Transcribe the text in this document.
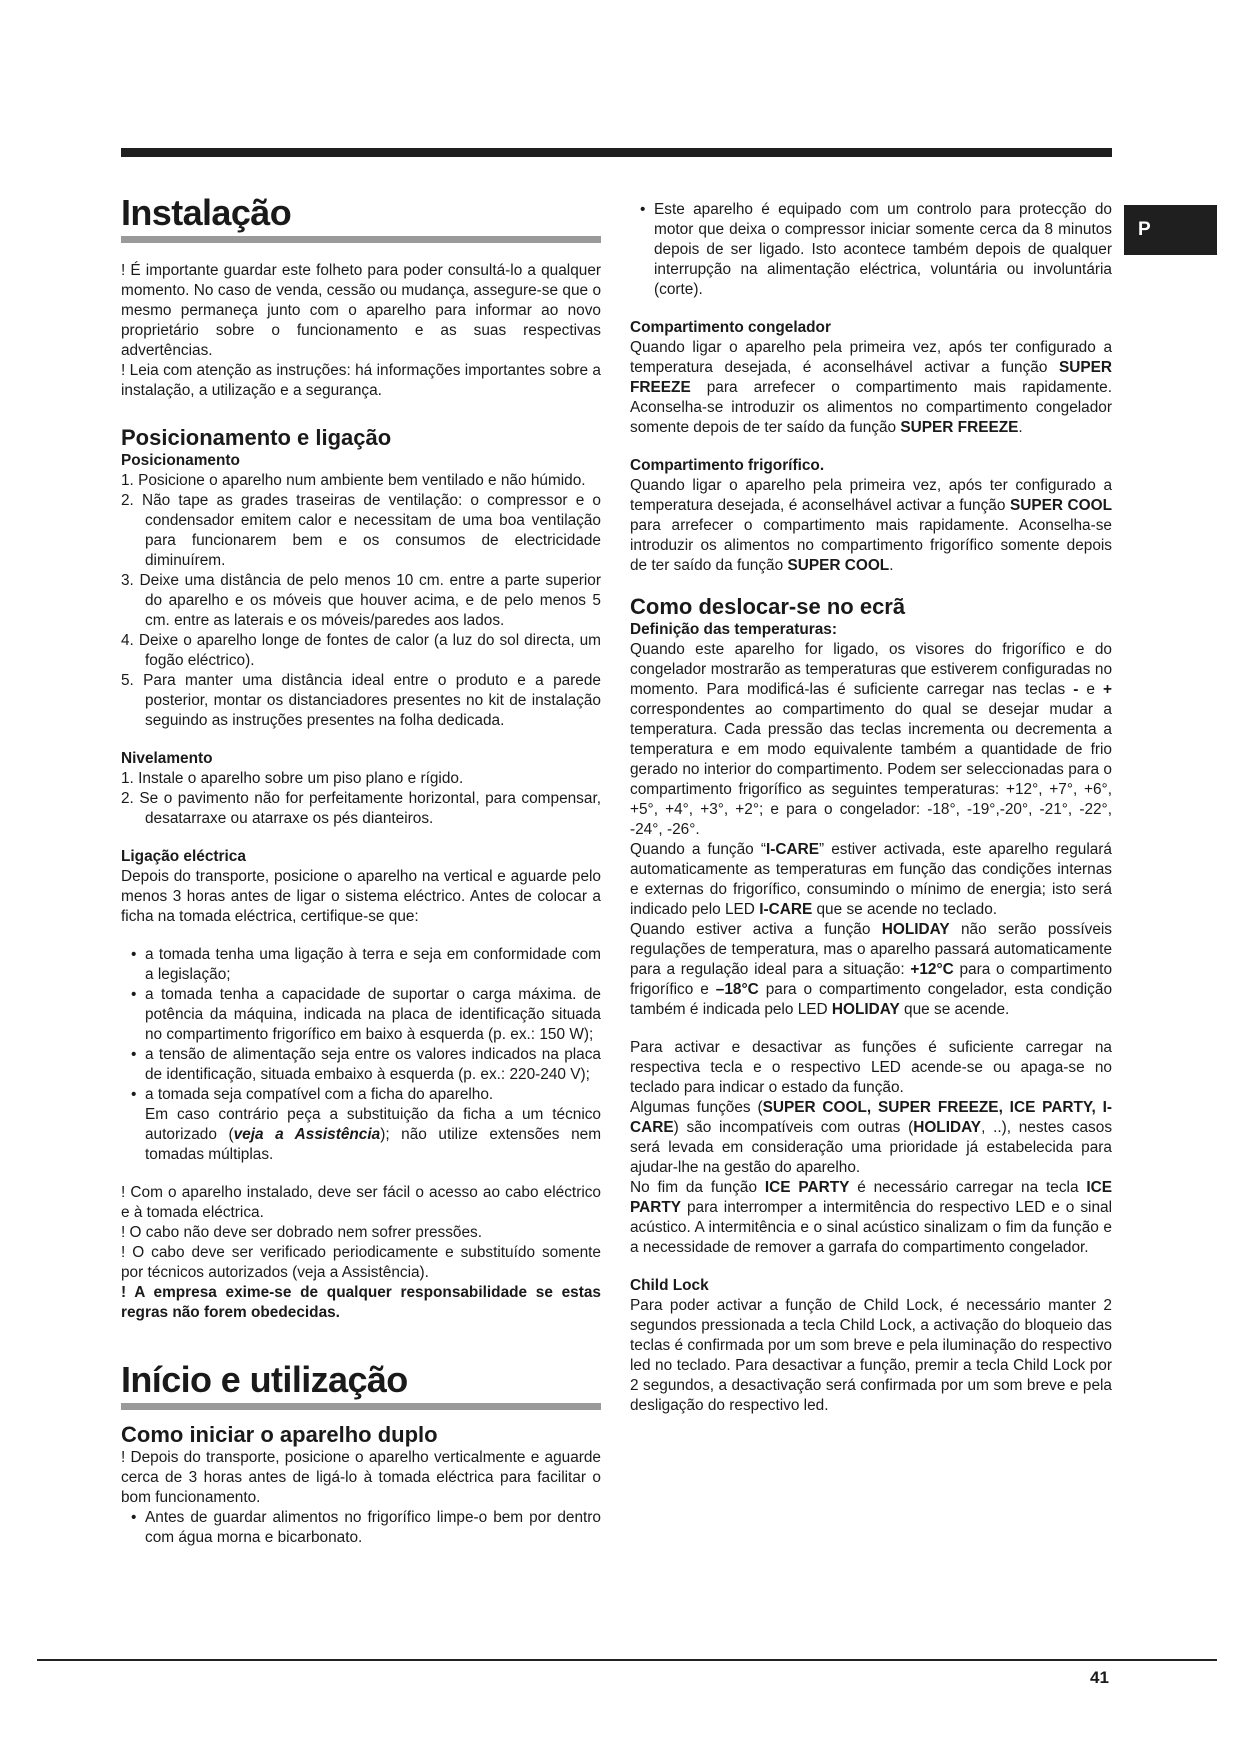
P
Instalação

! É importante guardar este folheto para poder consultá-lo a qualquer momento. No caso de venda, cessão ou mudança, assegure-se que o mesmo permaneça junto com o aparelho para informar ao novo proprietário sobre o funcionamento e as suas respectivas advertências.

! Leia com atenção as instruções: há informações importantes sobre a instalação, a utilização e a segurança.

Posicionamento e ligação
Posicionamento
1. Posicione o aparelho num ambiente bem ventilado e não húmido.
2. Não tape as grades traseiras de ventilação: o compressor e o condensador emitem calor e necessitam de uma boa ventilação para funcionarem bem e os consumos de electricidade diminuírem.
3. Deixe uma distância de pelo menos 10 cm. entre a parte superior do aparelho e os móveis que houver acima, e de pelo menos 5 cm. entre as laterais e os móveis/paredes aos lados.
4. Deixe o aparelho longe de fontes de calor (a luz do sol directa, um fogão eléctrico).
5. Para manter uma distância ideal entre o produto e a parede posterior, montar os distanciadores presentes no kit de instalação seguindo as instruções presentes na folha dedicada.
Nivelamento
1. Instale o aparelho sobre um piso plano e rígido.
2. Se o pavimento não for perfeitamente horizontal, para compensar, desatarraxe ou atarraxe os pés dianteiros.
Ligação eléctrica

Depois do transporte, posicione o aparelho na vertical e aguarde pelo menos 3 horas antes de ligar o sistema eléctrico. Antes de colocar a ficha na tomada eléctrica, certifique-se que:

• a tomada tenha uma ligação à terra e seja em conformidade com a legislação;
• a tomada tenha a capacidade de suportar o carga máxima. de potência da máquina, indicada na placa de identificação situada no compartimento frigorífico em baixo à esquerda (p. ex.: 150 W);
• a tensão de alimentação seja entre os valores indicados na placa de identificação, situada embaixo à esquerda (p. ex.: 220-240 V);
• a tomada seja compatível com a ficha do aparelho.
Em caso contrário peça a substituição da ficha a um técnico autorizado (veja a Assistência); não utilize extensões nem tomadas múltiplas.

! Com o aparelho instalado, deve ser fácil o acesso ao cabo eléctrico e à tomada eléctrica.

! O cabo não deve ser dobrado nem sofrer pressões.

! O cabo deve ser verificado periodicamente e substituído somente por técnicos autorizados (veja a Assistência).

! A empresa exime-se de qualquer responsabilidade se estas regras não forem obedecidas.

Início e utilização
Como iniciar o aparelho duplo

! Depois do transporte, posicione o aparelho verticalmente e aguarde cerca de 3 horas antes de ligá-lo à tomada eléctrica para facilitar o bom funcionamento.

• Antes de guardar alimentos no frigorífico limpe-o bem por dentro com água morna e bicarbonato.
• Este aparelho é equipado com um controlo para protecção do motor que deixa o compressor iniciar somente cerca da 8 minutos depois de ser ligado. Isto acontece também depois de qualquer interrupção na alimentação eléctrica, voluntária ou involuntária (corte).
Compartimento congelador

Quando ligar o aparelho pela primeira vez, após ter configurado a temperatura desejada, é aconselhável activar a função SUPER FREEZE para arrefecer o compartimento mais rapidamente. Aconselha-se introduzir os alimentos no compartimento congelador somente depois de ter saído da função SUPER FREEZE.

Compartimento frigorífico.

Quando ligar o aparelho pela primeira vez, após ter configurado a temperatura desejada, é aconselhável activar a função SUPER COOL para arrefecer o compartimento mais rapidamente. Aconselha-se introduzir os alimentos no compartimento frigorífico somente depois de ter saído da função SUPER COOL.

Como deslocar-se no ecrã
Definição das temperaturas:

Quando este aparelho for ligado, os visores do frigorífico e do congelador mostrarão as temperaturas que estiverem configuradas no momento. Para modificá-las é suficiente carregar nas teclas - e + correspondentes ao compartimento do qual se desejar mudar a temperatura. Cada pressão das teclas incrementa ou decrementa a temperatura e em modo equivalente também a quantidade de frio gerado no interior do compartimento. Podem ser seleccionadas para o compartimento frigorífico as seguintes temperaturas: +12°, +7°, +6°, +5°, +4°, +3°, +2°; e para o congelador: -18°, -19°,-20°, -21°, -22°, -24°, -26°.

Quando a função “I-CARE” estiver activada, este aparelho regulará automaticamente as temperaturas em função das condições internas e externas do frigorífico, consumindo o mínimo de energia; isto será indicado pelo LED I-CARE que se acende no teclado.

Quando estiver activa a função HOLIDAY não serão possíveis regulações de temperatura, mas o aparelho passará automaticamente para a regulação ideal para a situação: +12°C para o compartimento frigorífico e –18°C para o compartimento congelador, esta condição também é indicada pelo LED HOLIDAY que se acende.

Para activar e desactivar as funções é suficiente carregar na respectiva tecla e o respectivo LED acende-se ou apaga-se no teclado para indicar o estado da função.

Algumas funções (SUPER COOL, SUPER FREEZE, ICE PARTY, I-CARE) são incompatíveis com outras (HOLIDAY, ..), nestes casos será levada em consideração uma prioridade já estabelecida para ajudar-lhe na gestão do aparelho.

No fim da função ICE PARTY é necessário carregar na tecla ICE PARTY para interromper a intermitência do respectivo LED e o sinal acústico. A intermitência e o sinal acústico sinalizam o fim da função e a necessidade de remover a garrafa do compartimento congelador.

Child Lock

Para poder activar a função de Child Lock, é necessário manter 2 segundos pressionada a tecla Child Lock, a activação do bloqueio das teclas é confirmada por um som breve e pela iluminação do respectivo led no teclado. Para desactivar a função, premir a tecla Child Lock por 2 segundos, a desactivação será confirmada por um som breve e pela desligação do respectivo led.

41
